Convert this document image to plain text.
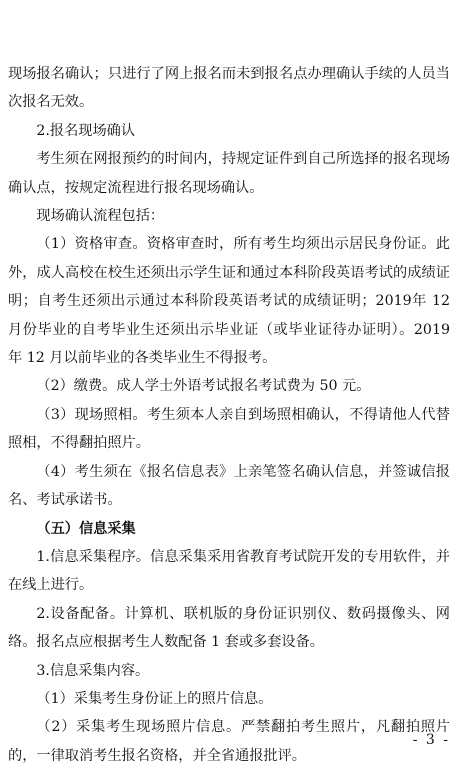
现场报名确认；只进行了网上报名而未到报名点办理确认手续的人员当次报名无效。

2.报名现场确认

考生须在网报预约的时间内，持规定证件到自己所选择的报名现场确认点，按规定流程进行报名现场确认。

现场确认流程包括：

（1）资格审查。资格审查时，所有考生均须出示居民身份证。此外，成人高校在校生还须出示学生证和通过本科阶段英语考试的成绩证明；自考生还须出示通过本科阶段英语考试的成绩证明；2019年 12 月份毕业的自考毕业生还须出示毕业证（或毕业证待办证明）。2019 年 12 月以前毕业的各类毕业生不得报考。

（2）缴费。成人学士外语考试报名考试费为 50 元。

（3）现场照相。考生须本人亲自到场照相确认，不得请他人代替照相，不得翻拍照片。

（4）考生须在《报名信息表》上亲笔签名确认信息，并签诚信报名、考试承诺书。

（五）信息采集

1.信息采集程序。信息采集采用省教育考试院开发的专用软件，并在线上进行。

2.设备配备。计算机、联机版的身份证识别仪、数码摄像头、网络。报名点应根据考生人数配备 1 套或多套设备。

3.信息采集内容。

（1）采集考生身份证上的照片信息。

（2）采集考生现场照片信息。严禁翻拍考生照片，凡翻拍照片的，一律取消考生报名资格，并全省通报批评。

- 3 -
